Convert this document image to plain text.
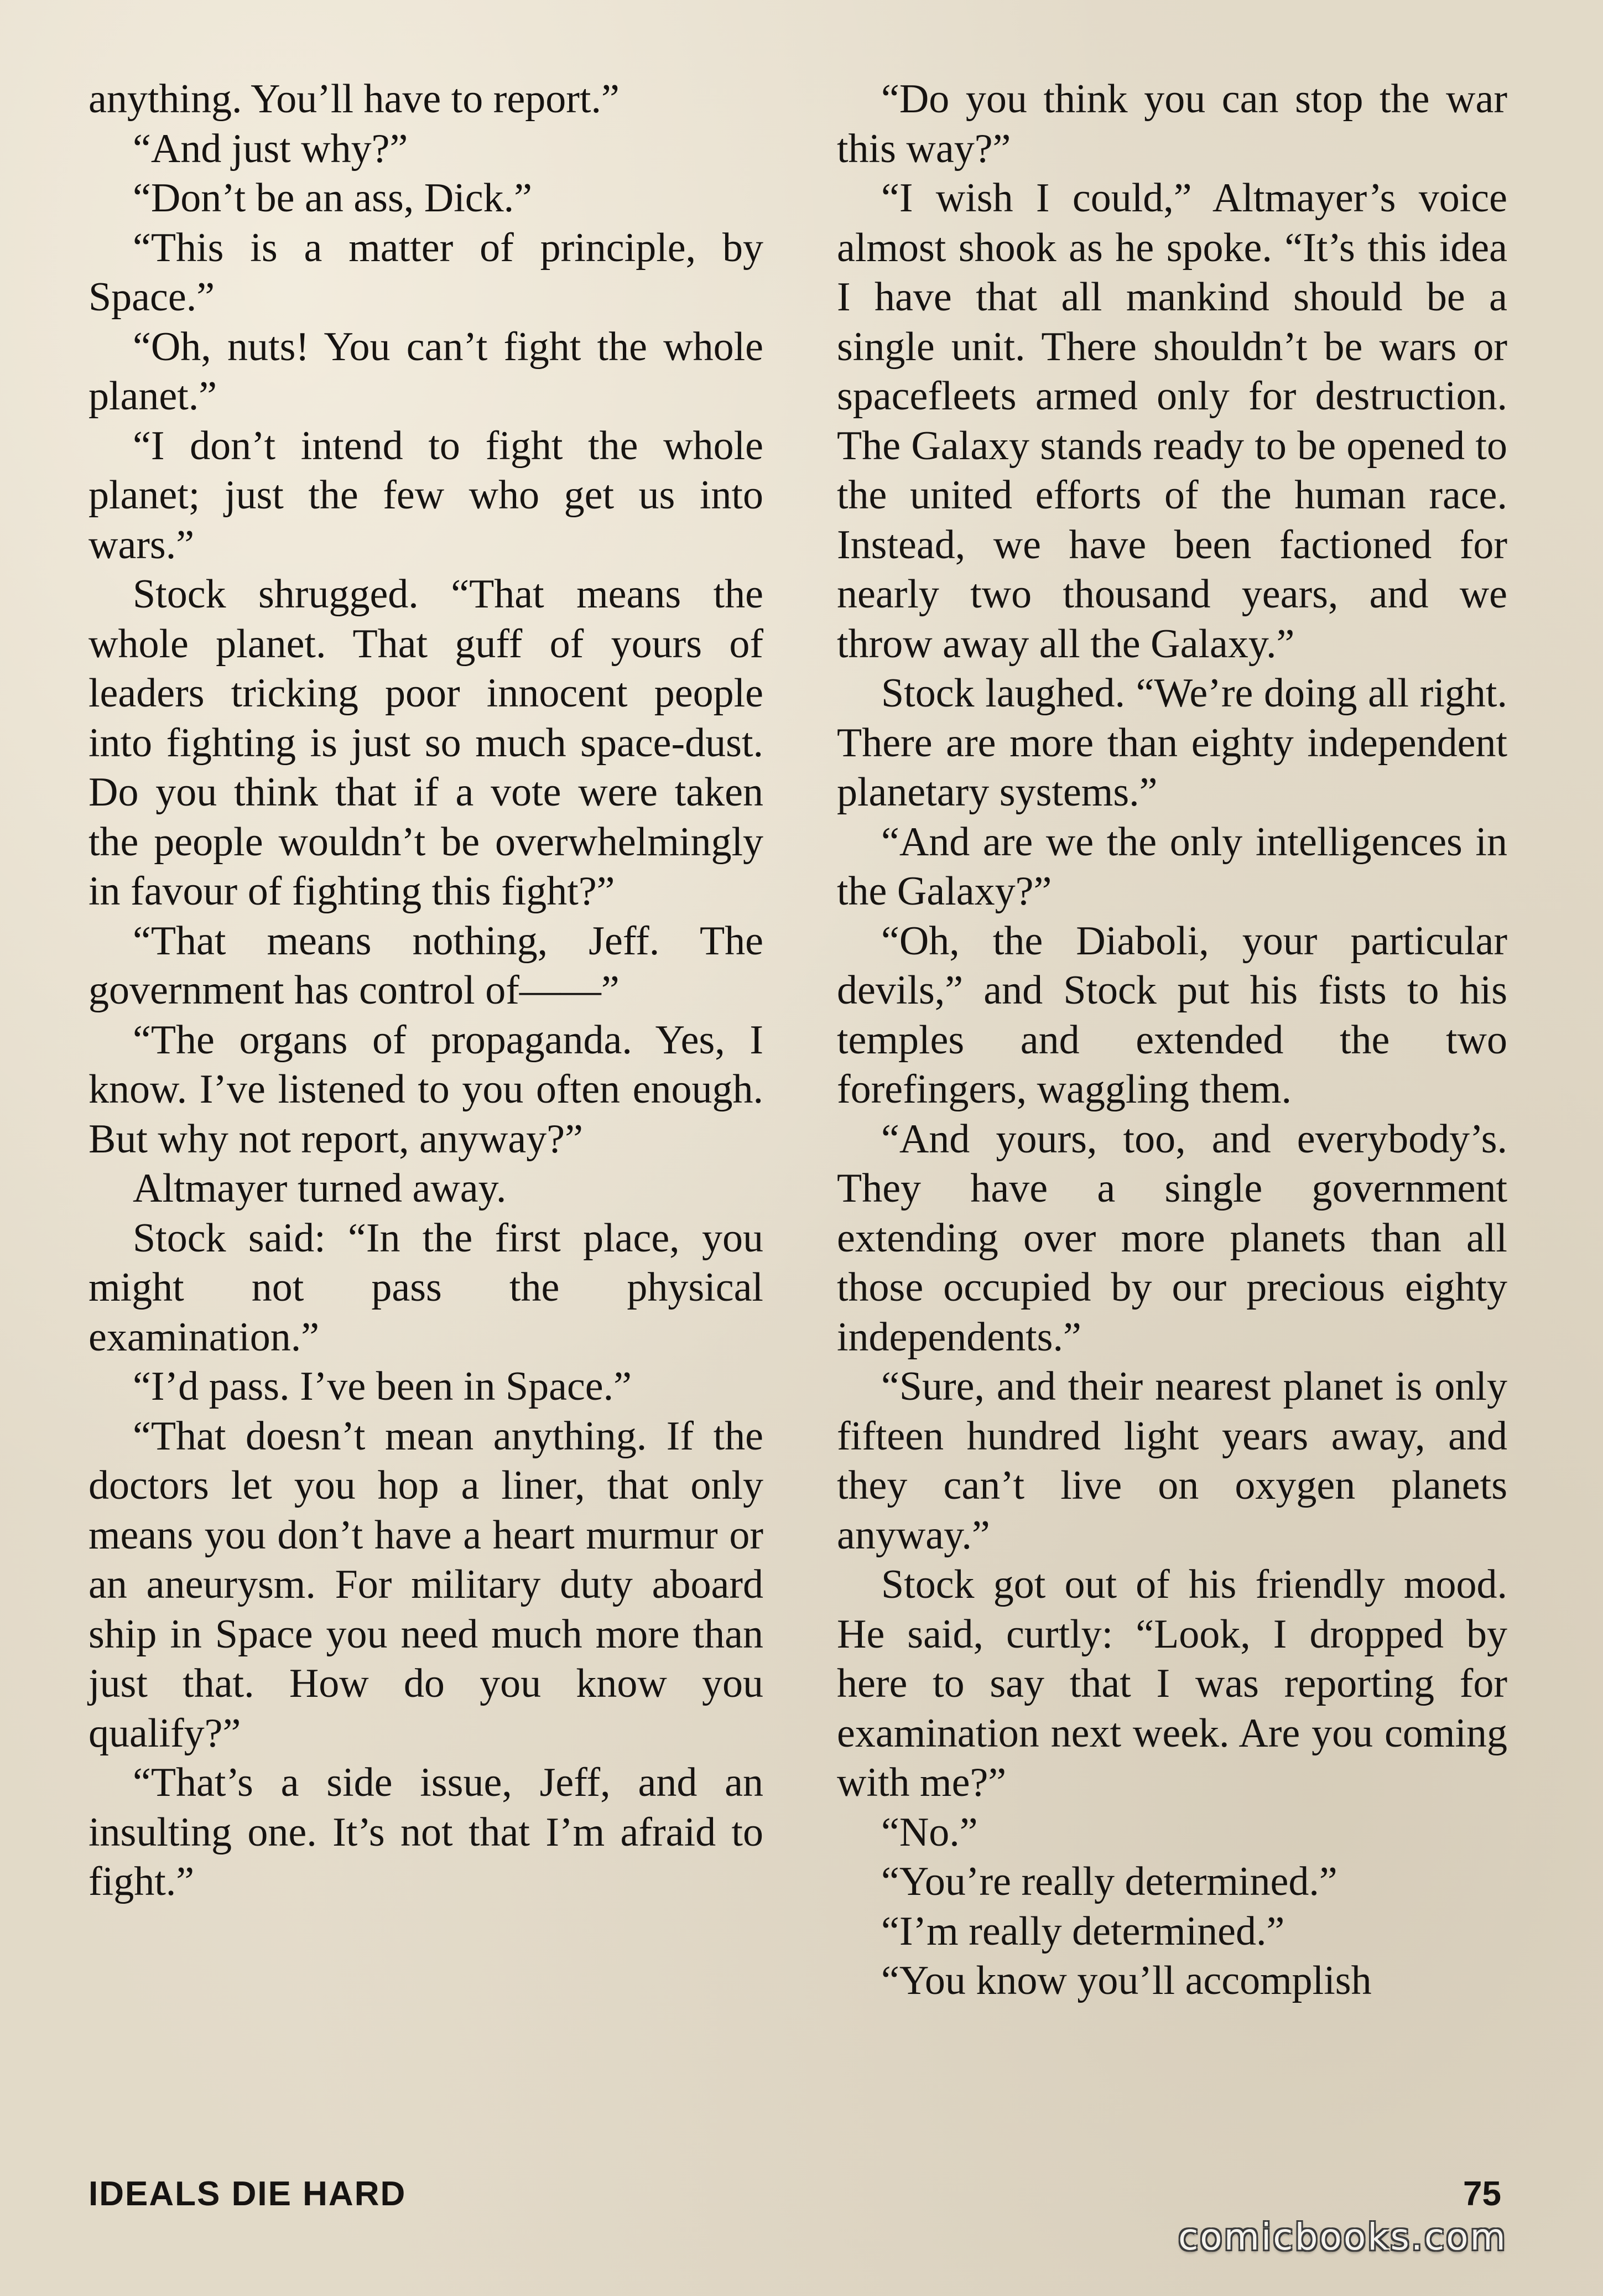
anything. You’ll have to report.”

“And just why?”

“Don’t be an ass, Dick.”

“This is a matter of principle, by Space.”

“Oh, nuts! You can’t fight the whole planet.”

“I don’t intend to fight the whole planet; just the few who get us into wars.”

Stock shrugged. “That means the whole planet. That guff of yours of leaders tricking poor innocent people into fighting is just so much space-dust. Do you think that if a vote were taken the people wouldn’t be overwhelmingly in favour of fighting this fight?”

“That means nothing, Jeff. The government has control of——”

“The organs of propaganda. Yes, I know. I’ve listened to you often enough. But why not report, anyway?”

Altmayer turned away.

Stock said: “In the first place, you might not pass the physical examination.”

“I’d pass. I’ve been in Space.”

“That doesn’t mean anything. If the doctors let you hop a liner, that only means you don’t have a heart murmur or an aneurysm. For military duty aboard ship in Space you need much more than just that. How do you know you qualify?”

“That’s a side issue, Jeff, and an insulting one. It’s not that I’m afraid to fight.”

“Do you think you can stop the war this way?”

“I wish I could,” Altmayer’s voice almost shook as he spoke. “It’s this idea I have that all mankind should be a single unit. There shouldn’t be wars or spacefleets armed only for destruction. The Galaxy stands ready to be opened to the united efforts of the human race. Instead, we have been factioned for nearly two thousand years, and we throw away all the Galaxy.”

Stock laughed. “We’re doing all right. There are more than eighty independent planetary systems.”

“And are we the only intelligences in the Galaxy?”

“Oh, the Diaboli, your particular devils,” and Stock put his fists to his temples and extended the two forefingers, waggling them.

“And yours, too, and everybody’s. They have a single government extending over more planets than all those occupied by our precious eighty independents.”

“Sure, and their nearest planet is only fifteen hundred light years away, and they can’t live on oxygen planets anyway.”

Stock got out of his friendly mood. He said, curtly: “Look, I dropped by here to say that I was reporting for examination next week. Are you coming with me?”

“No.”

“You’re really determined.”

“I’m really determined.”

“You know you’ll accomplish

IDEALS DIE HARD	75
comicbooks.com
